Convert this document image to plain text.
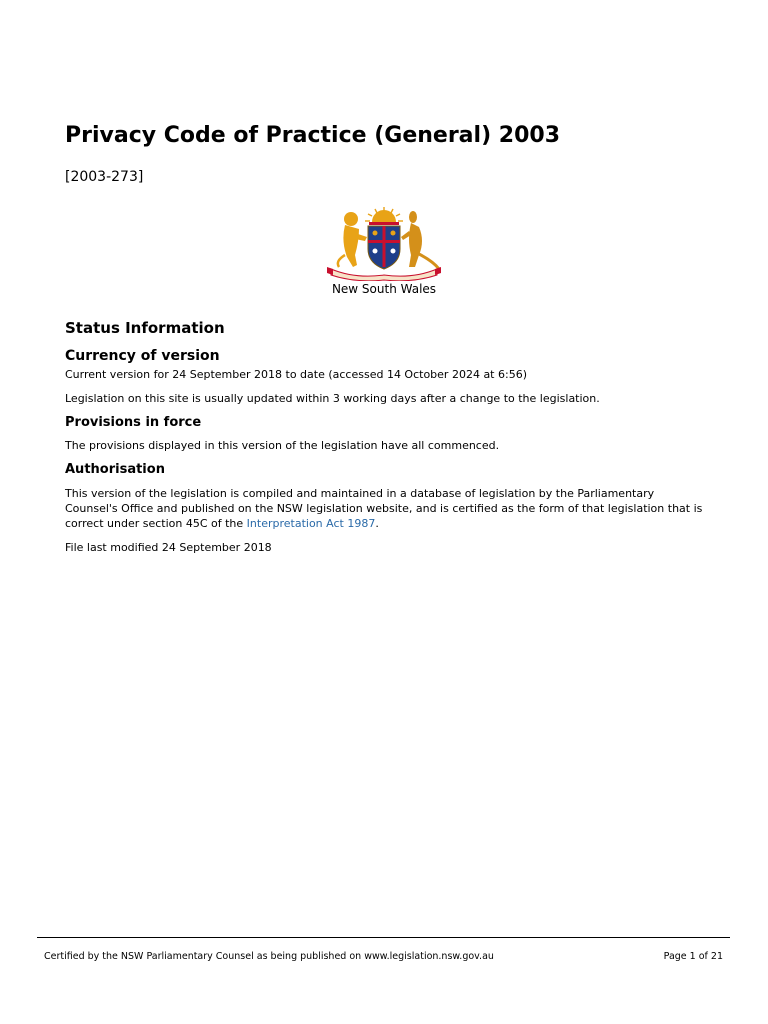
Privacy Code of Practice (General) 2003

[2003-273]

New South Wales
Status Information
Currency of version

Current version for 24 September 2018 to date (accessed 14 October 2024 at 6:56)

Legislation on this site is usually updated within 3 working days after a change to the legislation.

Provisions in force

The provisions displayed in this version of the legislation have all commenced.

Authorisation

This version of the legislation is compiled and maintained in a database of legislation by the Parliamentary Counsel's Office and published on the NSW legislation website, and is certified as the form of that legislation that is correct under section 45C of the Interpretation Act 1987.

File last modified 24 September 2018

Certified by the NSW Parliamentary Counsel as being published on www.legislation.nsw.gov.au	Page 1 of 21
